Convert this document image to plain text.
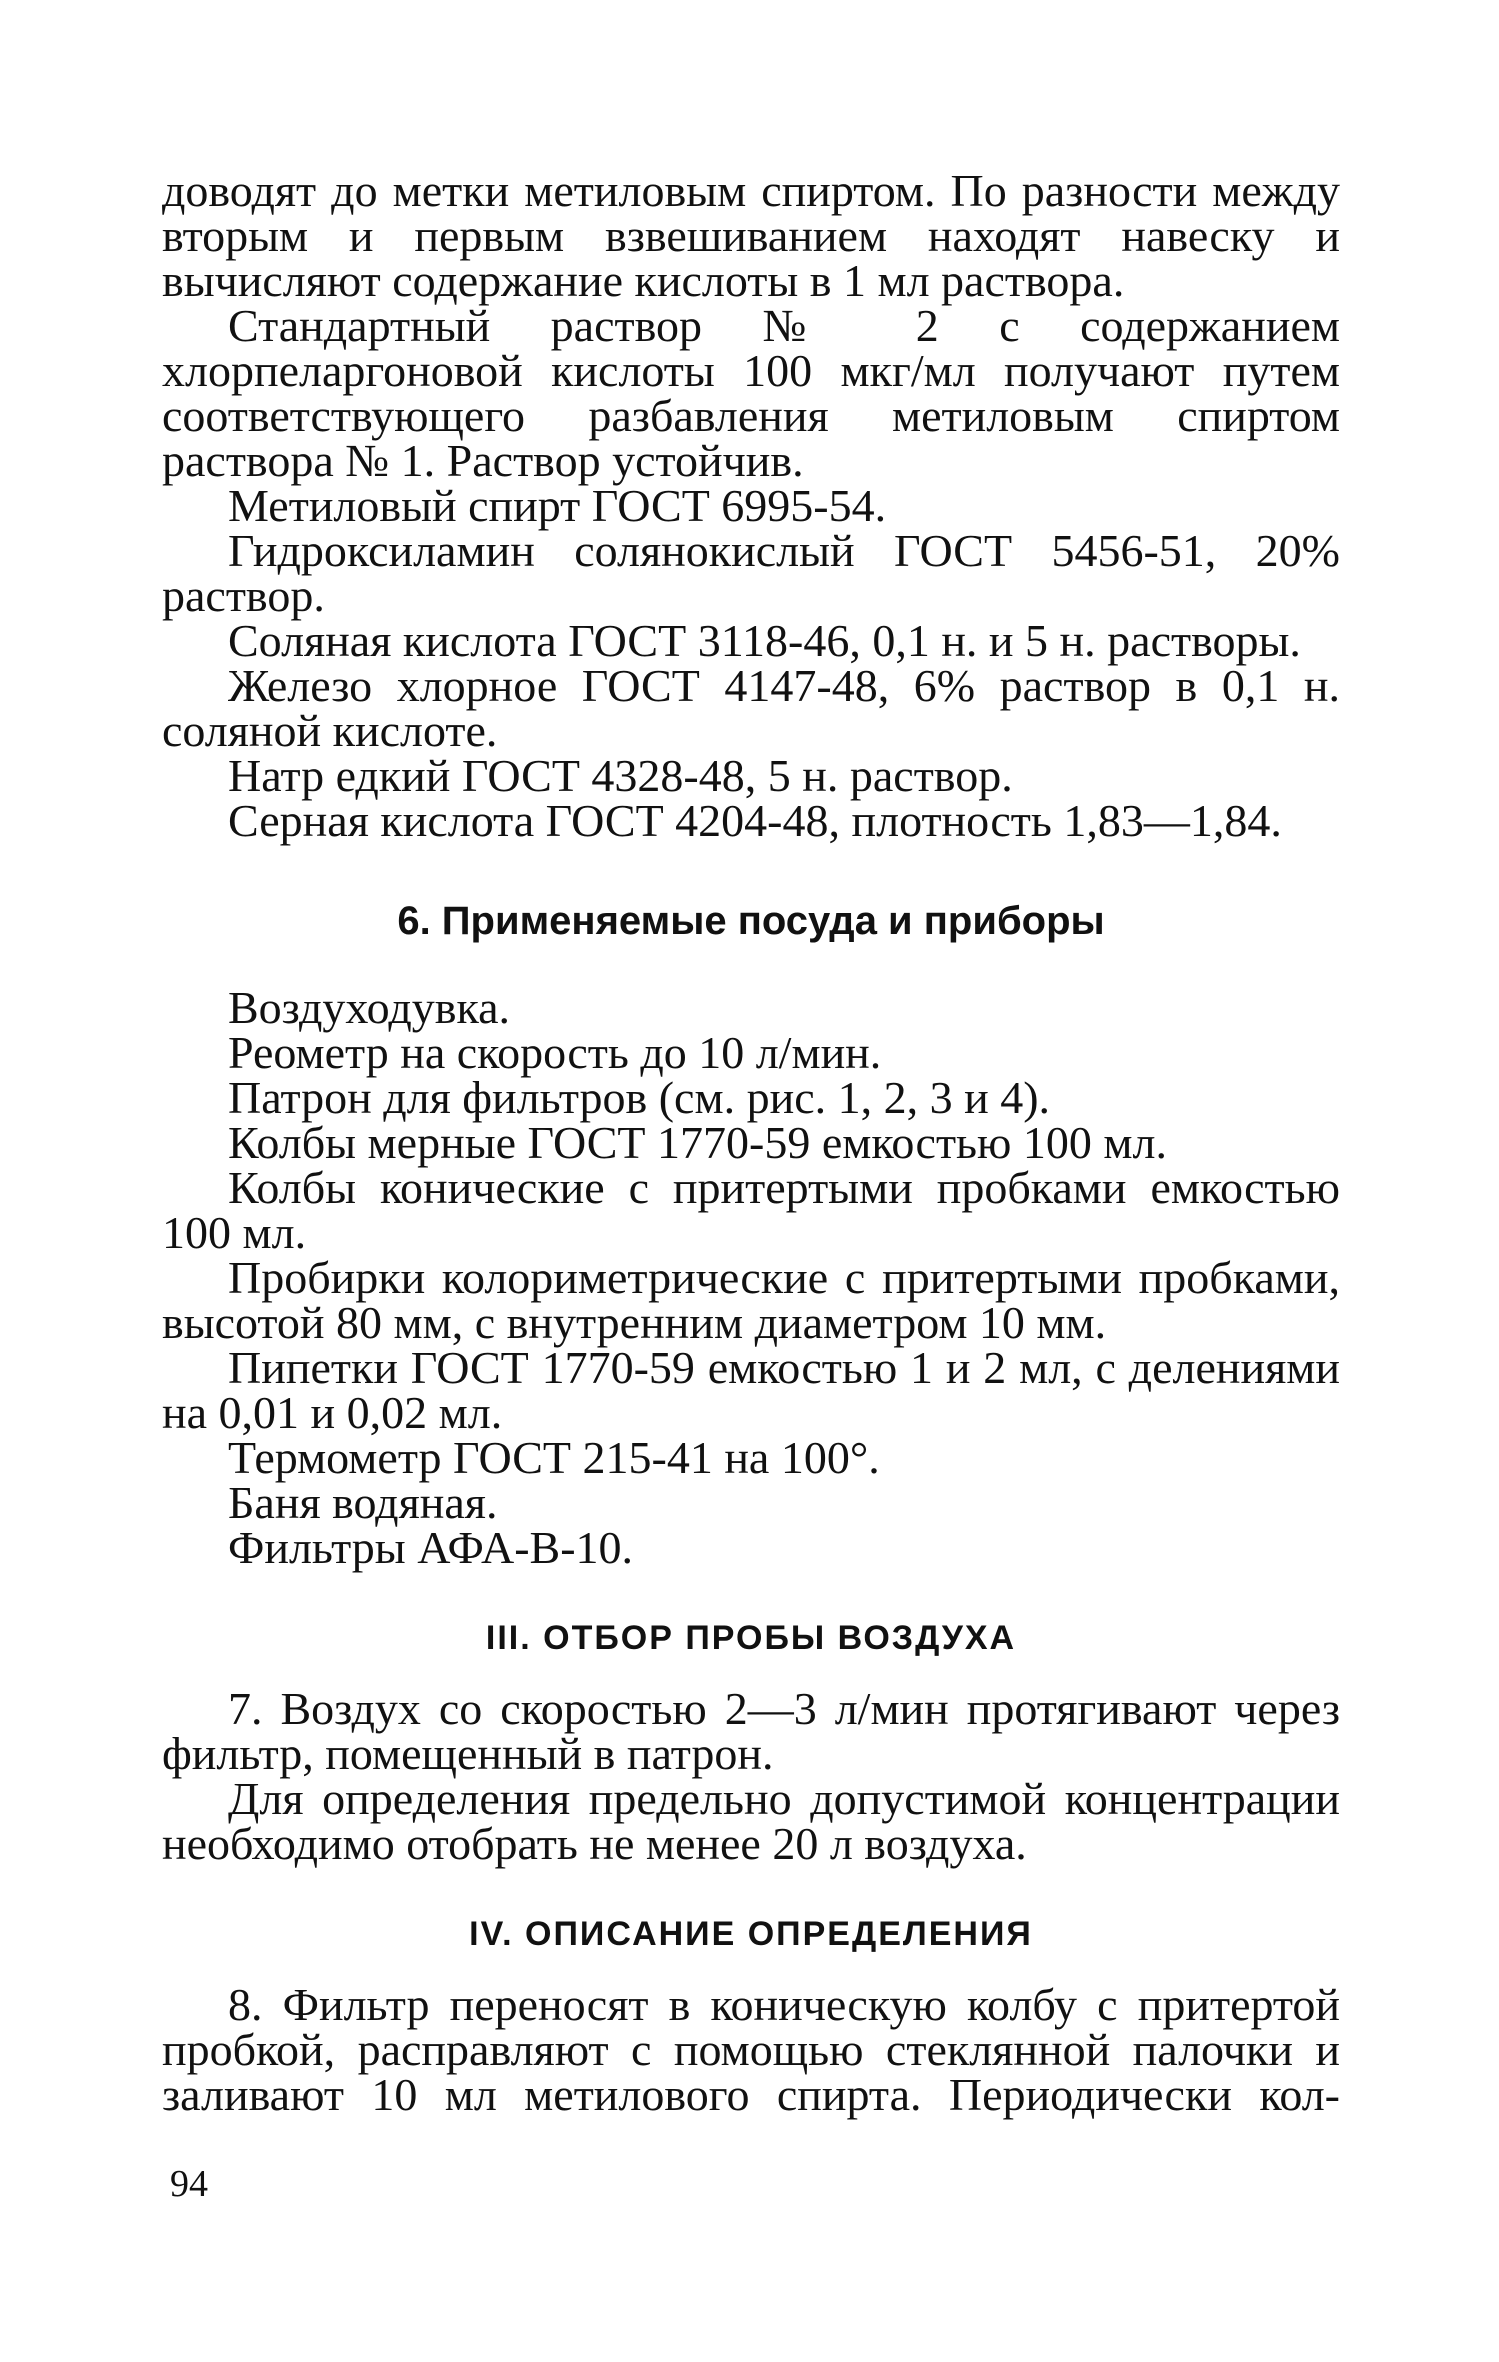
доводят до метки метиловым спиртом. По разности между вторым и первым взвешиванием находят навеску и вычисляют содержание кислоты в 1 мл раствора.

Стандартный раствор № 2 с содержанием хлорпеларгоновой кислоты 100 мкг/мл получают путем соответствующего разбавления метиловым спиртом раствора № 1. Раствор устойчив.

Метиловый спирт ГОСТ 6995-54.

Гидроксиламин солянокислый ГОСТ 5456-51, 20% раствор.

Соляная кислота ГОСТ 3118-46, 0,1 н. и 5 н. растворы.

Железо хлорное ГОСТ 4147-48, 6% раствор в 0,1 н. соляной кислоте.

Натр едкий ГОСТ 4328-48, 5 н. раствор.

Серная кислота ГОСТ 4204-48, плотность 1,83—1,84.

6. Применяемые посуда и приборы

Воздуходувка.

Реометр на скорость до 10 л/мин.

Патрон для фильтров (см. рис. 1, 2, 3 и 4).

Колбы мерные ГОСТ 1770-59 емкостью 100 мл.

Колбы конические с притертыми пробками емкостью 100 мл.

Пробирки колориметрические с притертыми пробками, высотой 80 мм, с внутренним диаметром 10 мм.

Пипетки ГОСТ 1770-59 емкостью 1 и 2 мл, с делениями на 0,01 и 0,02 мл.

Термометр ГОСТ 215-41 на 100°.

Баня водяная.

Фильтры АФА-В-10.

III. ОТБОР ПРОБЫ ВОЗДУХА

7. Воздух со скоростью 2—3 л/мин протягивают через фильтр, помещенный в патрон.

Для определения предельно допустимой концентрации необходимо отобрать не менее 20 л воздуха.

IV. ОПИСАНИЕ ОПРЕДЕЛЕНИЯ

8. Фильтр переносят в коническую колбу с притертой пробкой, расправляют с помощью стеклянной палочки и заливают 10 мл метилового спирта. Периодически кол-

94
